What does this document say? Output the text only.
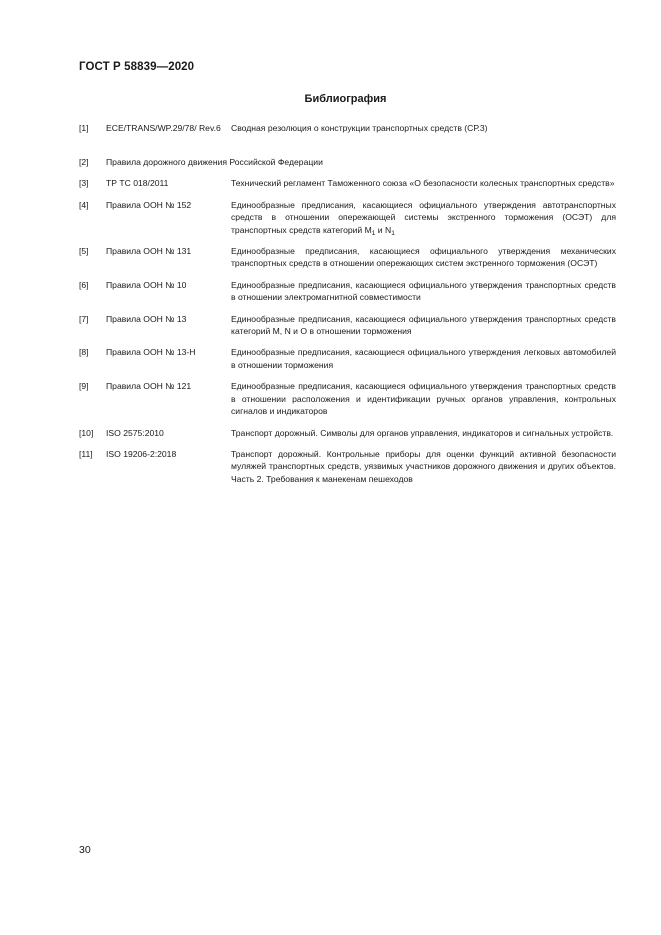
ГОСТ Р 58839—2020
Библиография
[1]	ECE/TRANS/WP.29/78/ Rev.6	Сводная резолюция о конструкции транспортных средств (СР.3)
[2]	Правила дорожного движения Российской Федерации
[3]	ТР ТС 018/2011	Технический регламент Таможенного союза «О безопасности колесных транспортных средств»
[4]	Правила ООН № 152	Единообразные предписания, касающиеся официального утверждения автотранспортных средств в отношении опережающей системы экстренного торможения (ОСЭТ) для транспортных средств категорий $M_1$ и $N_1$
[5]	Правила ООН № 131	Единообразные предписания, касающиеся официального утверждения механических транспортных средств в отношении опережающих систем экстренного торможения (ОСЭТ)
[6]	Правила ООН № 10	Единообразные предписания, касающиеся официального утверждения транспортных средств в отношении электромагнитной совместимости
[7]	Правила ООН № 13	Единообразные предписания, касающиеся официального утверждения транспортных средств категорий М, N и О в отношении торможения
[8]	Правила ООН № 13-Н	Единообразные предписания, касающиеся официального утверждения легковых автомобилей в отношении торможения
[9]	Правила ООН № 121	Единообразные предписания, касающиеся официального утверждения транспортных средств в отношении расположения и идентификации ручных органов управления, контрольных сигналов и индикаторов
[10]	ISO 2575:2010	Транспорт дорожный. Символы для органов управления, индикаторов и сигнальных устройств.
[11]	ISO 19206-2:2018	Транспорт дорожный. Контрольные приборы для оценки функций активной безопасности муляжей транспортных средств, уязвимых участников дорожного движения и других объектов. Часть 2. Требования к манекенам пешеходов
30
